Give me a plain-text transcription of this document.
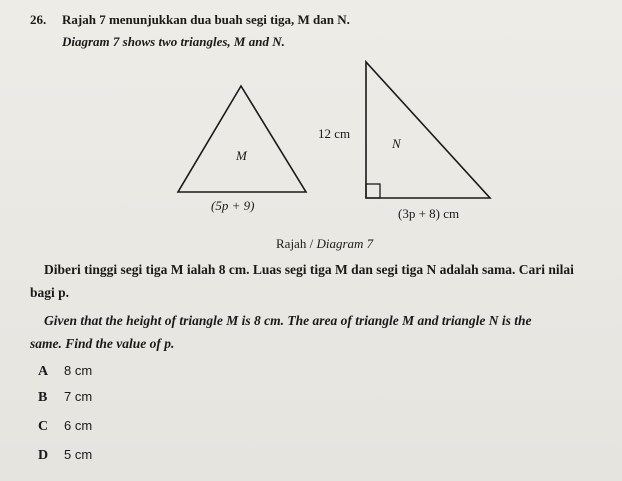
26. Rajah 7 menunjukkan dua buah segi tiga, M dan N.
Diagram 7 shows two triangles, M and N.
M
(5p + 9)
12 cm
N
(3p + 8) cm
Rajah / Diagram 7
Diberi tinggi segi tiga M ialah 8 cm. Luas segi tiga M dan segi tiga N adalah sama. Cari nilai
bagi p.
Given that the height of triangle M is 8 cm. The area of triangle M and triangle N is the
same. Find the value of p.
A 8 cm
B 7 cm
C 6 cm
D 5 cm
